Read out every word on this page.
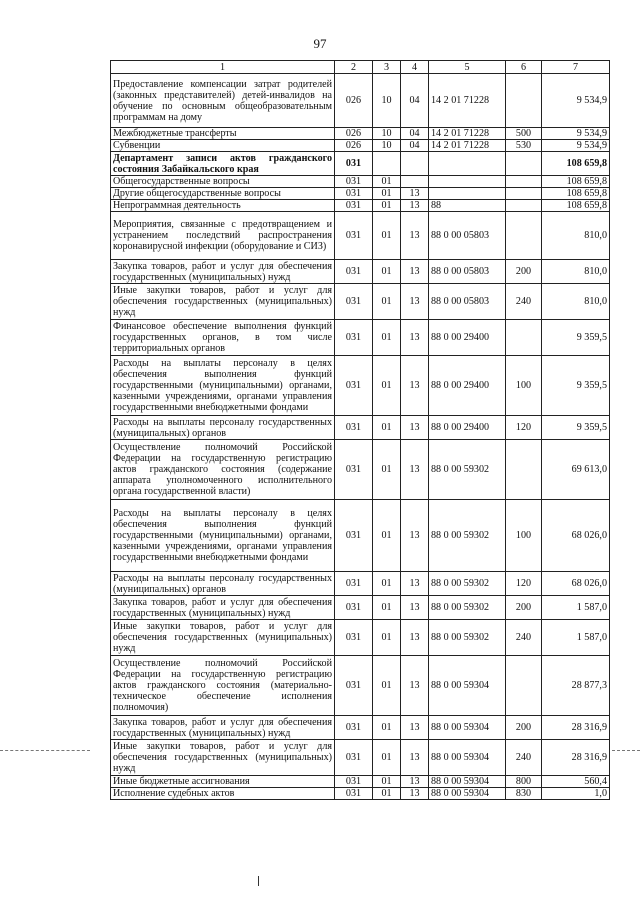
97
1	2	3	4	5	6	7
Предоставление компенсации затрат родителей (законных представителей) детей-инвалидов на обучение по основным общеобразовательным программам на дому	026	10	04	14 2 01 71228		9 534,9
Межбюджетные трансферты	026	10	04	14 2 01 71228	500	9 534,9
Субвенции	026	10	04	14 2 01 71228	530	9 534,9
Департамент записи актов гражданского состояния Забайкальского края	031					108 659,8
Общегосударственные вопросы	031	01				108 659,8
Другие общегосударственные вопросы	031	01	13			108 659,8
Непрограммная деятельность	031	01	13	88		108 659,8
Мероприятия, связанные с предотвращением и устранением последствий распространения коронавирусной инфекции (оборудование и СИЗ)	031	01	13	88 0 00 05803		810,0
Закупка товаров, работ и услуг для обеспечения государственных (муниципальных) нужд	031	01	13	88 0 00 05803	200	810,0
Иные закупки товаров, работ и услуг для обеспечения государственных (муниципальных) нужд	031	01	13	88 0 00 05803	240	810,0
Финансовое обеспечение выполнения функций государственных органов, в том числе территориальных органов	031	01	13	88 0 00 29400		9 359,5
Расходы на выплаты персоналу в целях обеспечения выполнения функций государственными (муниципальными) органами, казенными учреждениями, органами управления государственными внебюджетными фондами	031	01	13	88 0 00 29400	100	9 359,5
Расходы на выплаты персоналу государственных (муниципальных) органов	031	01	13	88 0 00 29400	120	9 359,5
Осуществление полномочий Российской Федерации на государственную регистрацию актов гражданского состояния (содержание аппарата уполномоченного исполнительного органа государственной власти)	031	01	13	88 0 00 59302		69 613,0
Расходы на выплаты персоналу в целях обеспечения выполнения функций государственными (муниципальными) органами, казенными учреждениями, органами управления государственными внебюджетными фондами	031	01	13	88 0 00 59302	100	68 026,0
Расходы на выплаты персоналу государственных (муниципальных) органов	031	01	13	88 0 00 59302	120	68 026,0
Закупка товаров, работ и услуг для обеспечения государственных (муниципальных) нужд	031	01	13	88 0 00 59302	200	1 587,0
Иные закупки товаров, работ и услуг для обеспечения государственных (муниципальных) нужд	031	01	13	88 0 00 59302	240	1 587,0
Осуществление полномочий Российской Федерации на государственную регистрацию актов гражданского состояния (материально-техническое обеспечение исполнения полномочия)	031	01	13	88 0 00 59304		28 877,3
Закупка товаров, работ и услуг для обеспечения государственных (муниципальных) нужд	031	01	13	88 0 00 59304	200	28 316,9
Иные закупки товаров, работ и услуг для обеспечения государственных (муниципальных) нужд	031	01	13	88 0 00 59304	240	28 316,9
Иные бюджетные ассигнования	031	01	13	88 0 00 59304	800	560,4
Исполнение судебных актов	031	01	13	88 0 00 59304	830	1,0
